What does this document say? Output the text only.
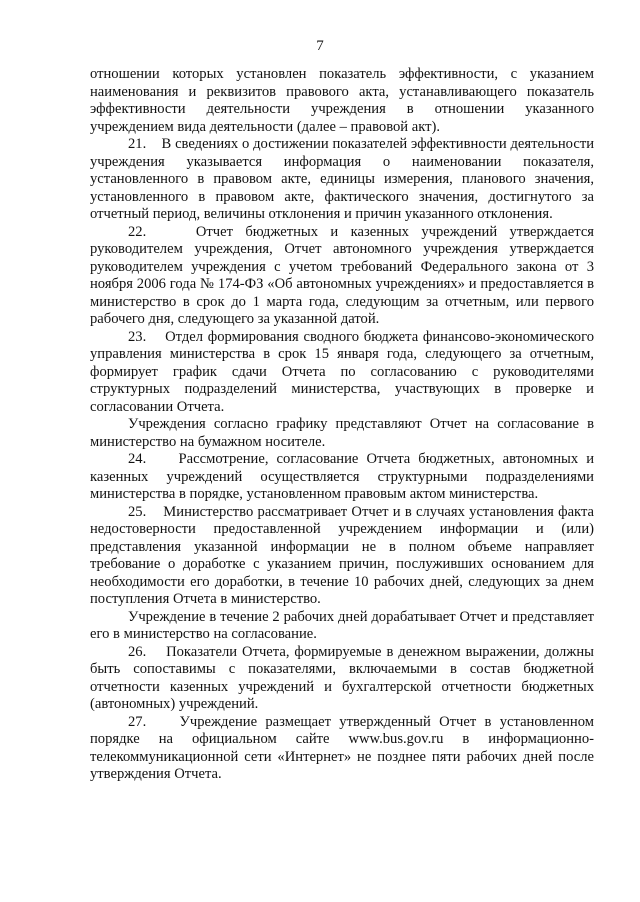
7

отношении которых установлен показатель эффективности, с указанием наименования и реквизитов правового акта, устанавливающего показатель эффективности деятельности учреждения в отношении указанного учреждением вида деятельности (далее – правовой акт).

21. В сведениях о достижении показателей эффективности деятельности учреждения указывается информация о наименовании показателя, установленного в правовом акте, единицы измерения, планового значения, установленного в правовом акте, фактического значения, достигнутого за отчетный период, величины отклонения и причин указанного отклонения.

22.	Отчет бюджетных и казенных учреждений утверждается руководителем учреждения, Отчет автономного учреждения утверждается руководителем учреждения с учетом требований Федерального закона от 3 ноября 2006 года № 174-ФЗ «Об автономных учреждениях» и предоставляется в министерство в срок до 1 марта года, следующим за отчетным, или первого рабочего дня, следующего за указанной датой.

23. Отдел формирования сводного бюджета финансово-экономического управления министерства в срок 15 января года, следующего за отчетным, формирует график сдачи Отчета по согласованию с руководителями структурных подразделений министерства, участвующих в проверке и согласовании Отчета.

Учреждения согласно графику представляют Отчет на согласование в министерство на бумажном носителе.

24. Рассмотрение, согласование Отчета бюджетных, автономных и казенных учреждений осуществляется структурными подразделениями министерства в порядке, установленном правовым актом министерства.

25. Министерство рассматривает Отчет и в случаях установления факта недостоверности предоставленной учреждением информации и (или) представления указанной информации не в полном объеме направляет требование о доработке с указанием причин, послуживших основанием для необходимости его доработки, в течение 10 рабочих дней, следующих за днем поступления Отчета в министерство.

Учреждение в течение 2 рабочих дней дорабатывает Отчет и представляет его в министерство на согласование.

26. Показатели Отчета, формируемые в денежном выражении, должны быть сопоставимы с показателями, включаемыми в состав бюджетной отчетности казенных учреждений и бухгалтерской отчетности бюджетных (автономных) учреждений.

27. Учреждение размещает утвержденный Отчет в установленном порядке на официальном сайте www.bus.gov.ru в информационно-телекоммуникационной сети «Интернет» не позднее пяти рабочих дней после утверждения Отчета.
